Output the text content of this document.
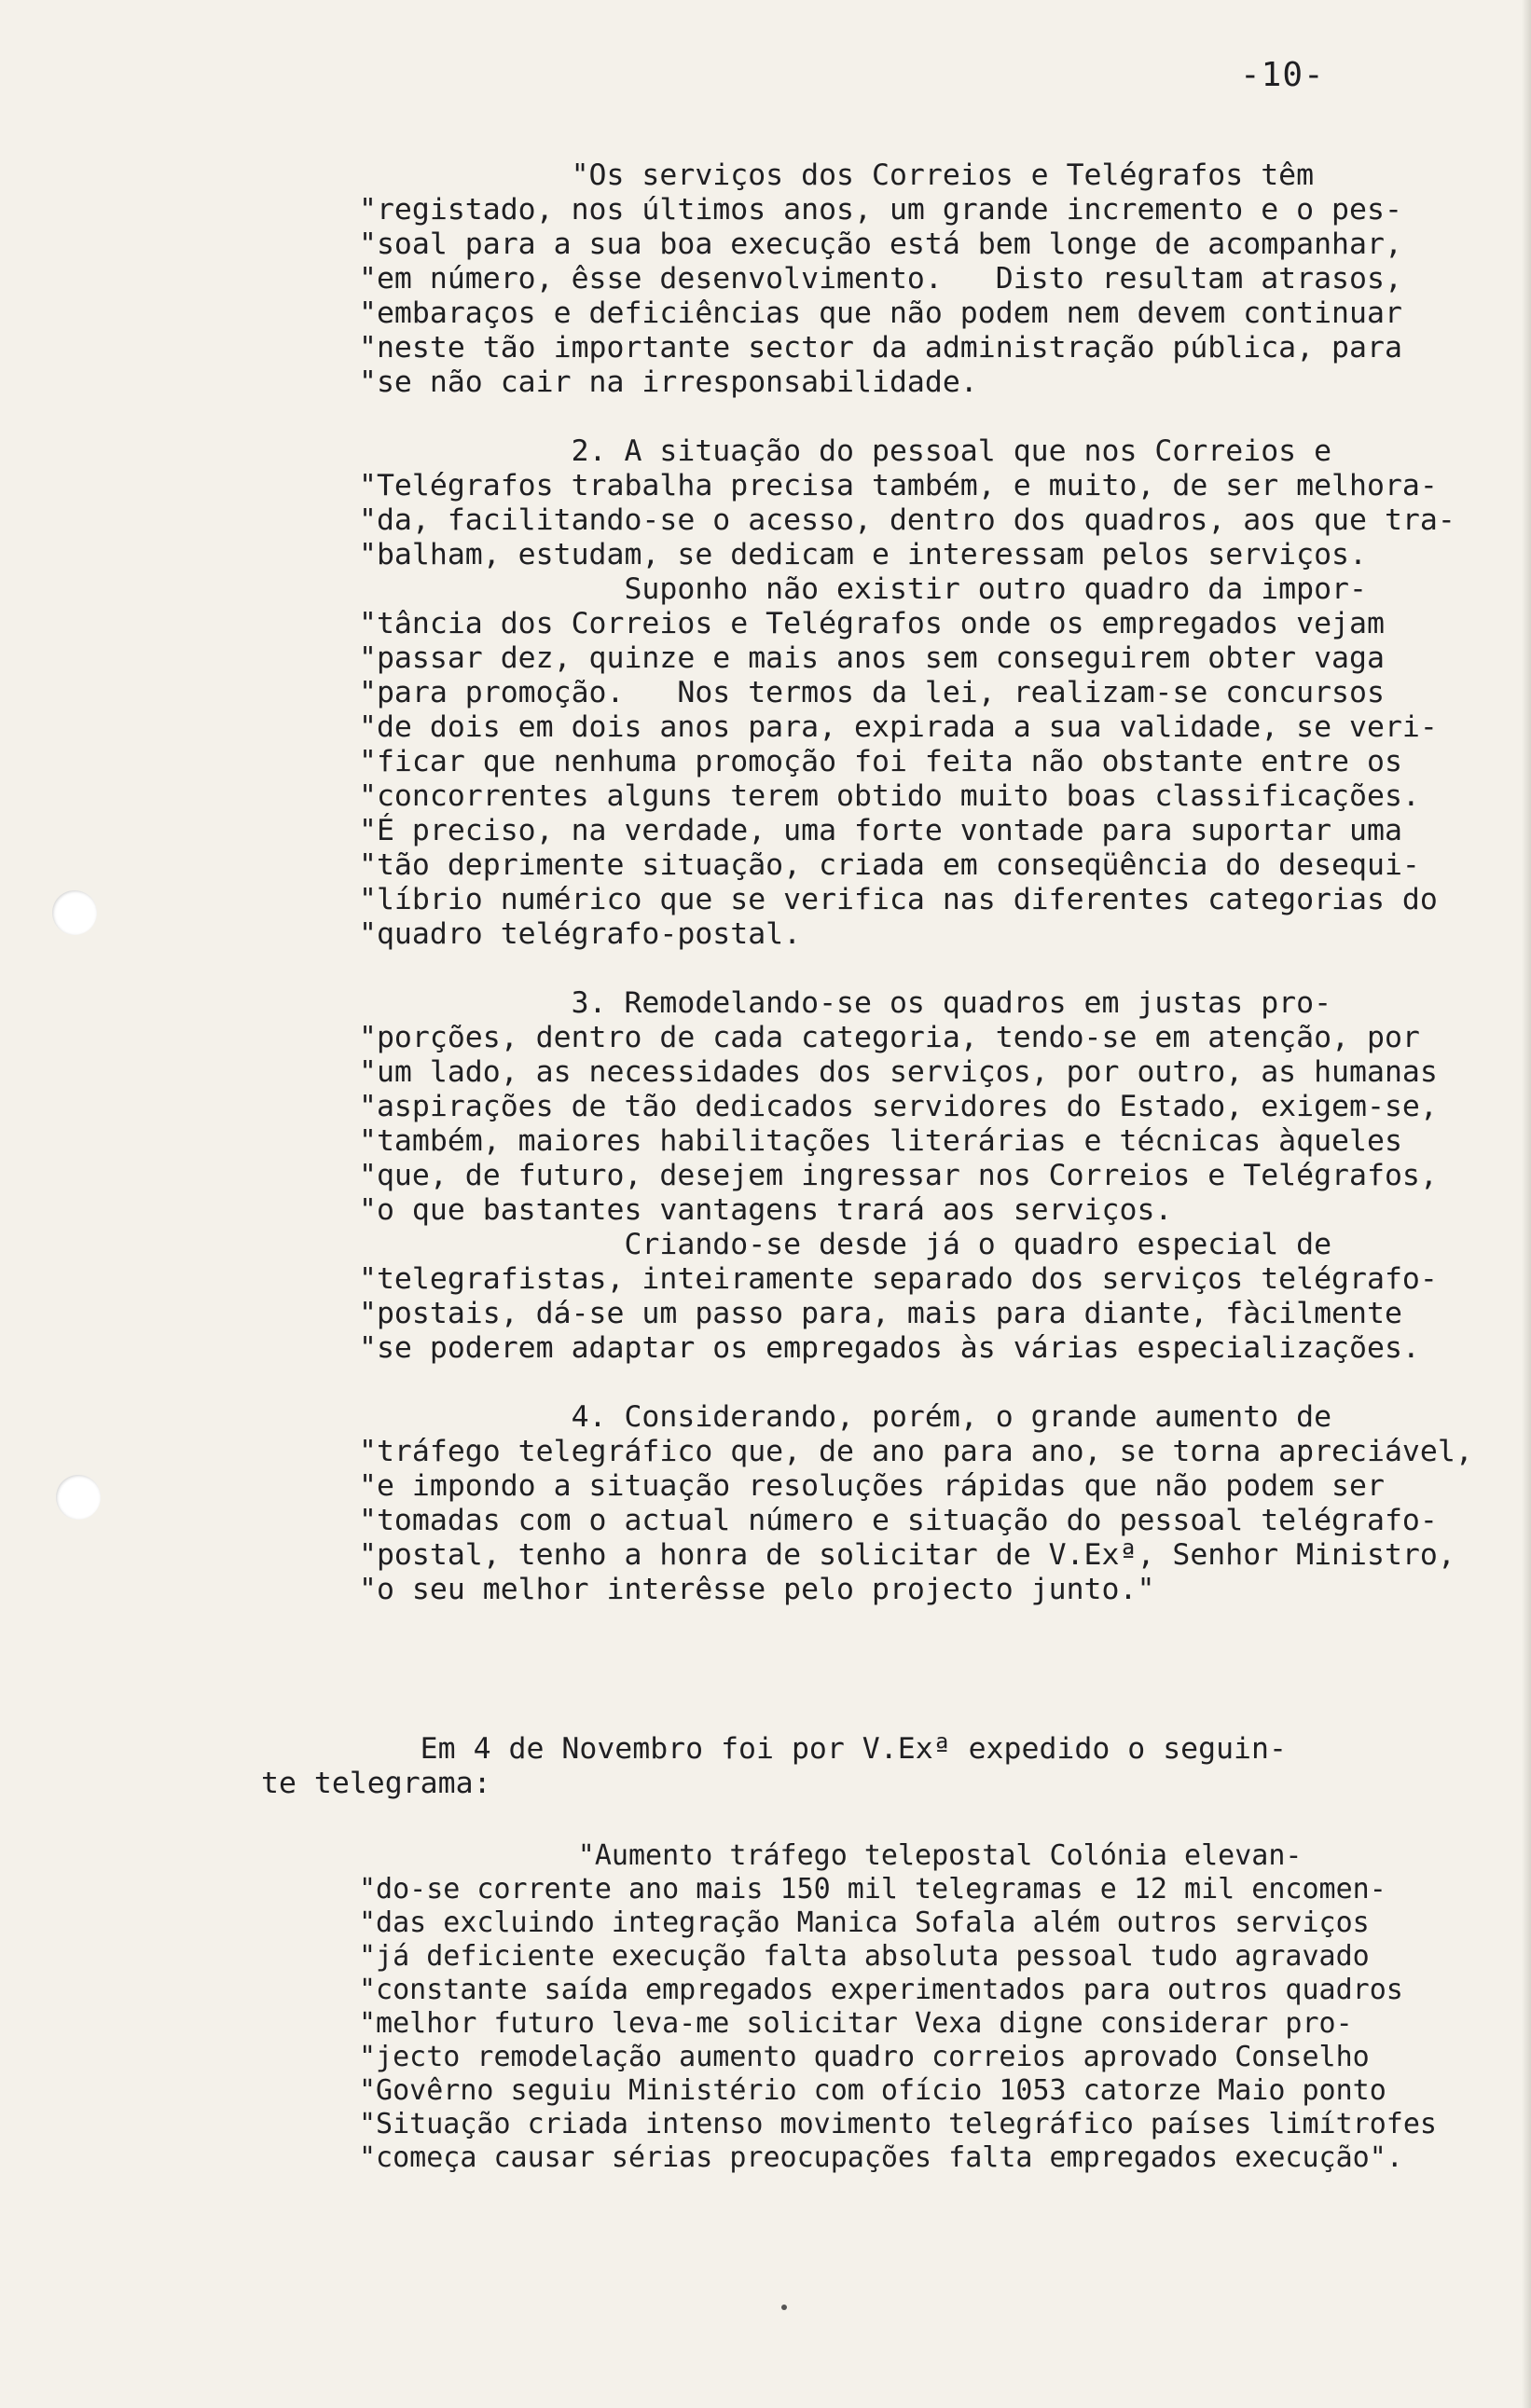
-10-
"Os serviços dos Correios e Telégrafos têm
"registado, nos últimos anos, um grande incremento e o pes-
"soal para a sua boa execução está bem longe de acompanhar,
"em número, êsse desenvolvimento.   Disto resultam atrasos,
"embaraços e deficiências que não podem nem devem continuar
"neste tão importante sector da administração pública, para
"se não cair na irresponsabilidade.
2. A situação do pessoal que nos Correios e
"Telégrafos trabalha precisa também, e muito, de ser melhora-
"da, facilitando-se o acesso, dentro dos quadros, aos que tra-
"balham, estudam, se dedicam e interessam pelos serviços.
Suponho não existir outro quadro da impor-
"tância dos Correios e Telégrafos onde os empregados vejam
"passar dez, quinze e mais anos sem conseguirem obter vaga
"para promoção.   Nos termos da lei, realizam-se concursos
"de dois em dois anos para, expirada a sua validade, se veri-
"ficar que nenhuma promoção foi feita não obstante entre os
"concorrentes alguns terem obtido muito boas classificações.
"É preciso, na verdade, uma forte vontade para suportar uma
"tão deprimente situação, criada em conseqüência do desequi-
"líbrio numérico que se verifica nas diferentes categorias do
"quadro telégrafo-postal.
3. Remodelando-se os quadros em justas pro-
"porções, dentro de cada categoria, tendo-se em atenção, por
"um lado, as necessidades dos serviços, por outro, as humanas
"aspirações de tão dedicados servidores do Estado, exigem-se,
"também, maiores habilitações literárias e técnicas àqueles
"que, de futuro, desejem ingressar nos Correios e Telégrafos,
"o que bastantes vantagens trará aos serviços.
Criando-se desde já o quadro especial de
"telegrafistas, inteiramente separado dos serviços telégrafo-
"postais, dá-se um passo para, mais para diante, fàcilmente
"se poderem adaptar os empregados às várias especializações.
4. Considerando, porém, o grande aumento de
"tráfego telegráfico que, de ano para ano, se torna apreciável,
"e impondo a situação resoluções rápidas que não podem ser
"tomadas com o actual número e situação do pessoal telégrafo-
"postal, tenho a honra de solicitar de V.Exª, Senhor Ministro,
"o seu melhor interêsse pelo projecto junto."
Em 4 de Novembro foi por V.Exª expedido o seguin-
te telegrama:
"Aumento tráfego telepostal Colónia elevan-
"do-se corrente ano mais 150 mil telegramas e 12 mil encomen-
"das excluindo integração Manica Sofala além outros serviços
"já deficiente execução falta absoluta pessoal tudo agravado
"constante saída empregados experimentados para outros quadros
"melhor futuro leva-me solicitar Vexa digne considerar pro-
"jecto remodelação aumento quadro correios aprovado Conselho
"Govêrno seguiu Ministério com ofício 1053 catorze Maio ponto
"Situação criada intenso movimento telegráfico países limítrofes
"começa causar sérias preocupações falta empregados execução".
